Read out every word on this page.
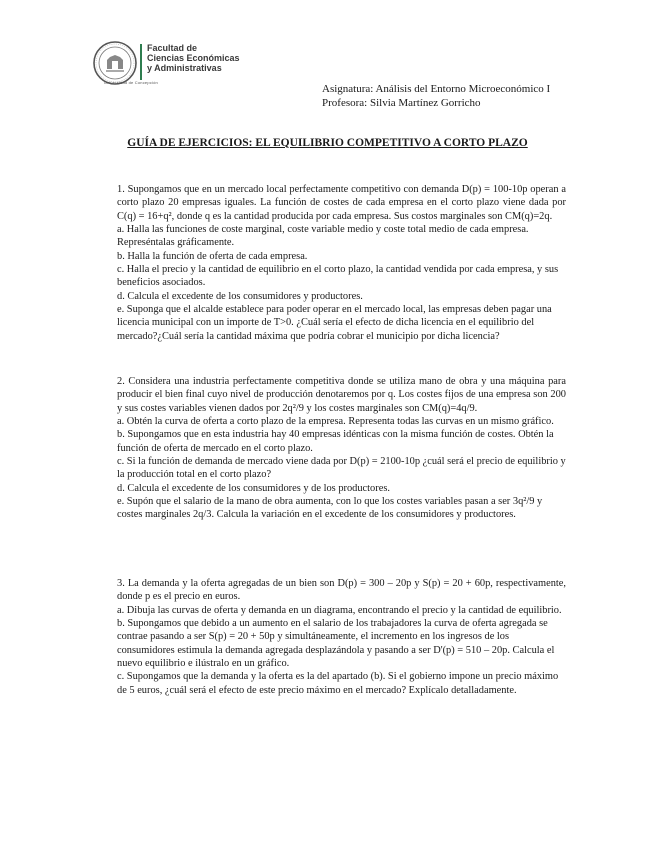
Facultad de
Ciencias Económicas
y Administrativas
Universidad de Concepción
Asignatura: Análisis del Entorno Microeconómico I
Profesora: Silvia Martínez Gorricho
GUÍA DE EJERCICIOS: EL EQUILIBRIO COMPETITIVO A CORTO PLAZO

1. Supongamos que en un mercado local perfectamente competitivo con demanda D(p) = 100-10p operan a corto plazo 20 empresas iguales. La función de costes de cada empresa en el corto plazo viene dada por C(q) = 16+q², donde q es la cantidad producida por cada empresa. Sus costos marginales son CM(q)=2q.

a. Halla las funciones de coste marginal, coste variable medio y coste total medio de cada empresa. Represéntalas gráficamente.

b. Halla la función de oferta de cada empresa.

c. Halla el precio y la cantidad de equilibrio en el corto plazo, la cantidad vendida por cada empresa, y sus beneficios asociados.

d. Calcula el excedente de los consumidores y productores.

e. Suponga que el alcalde establece para poder operar en el mercado local, las empresas deben pagar una licencia municipal con un importe de T>0. ¿Cuál sería el efecto de dicha licencia en el equilibrio del mercado?¿Cuál sería la cantidad máxima que podría cobrar el municipio por dicha licencia?

2. Considera una industria perfectamente competitiva donde se utiliza mano de obra y una máquina para producir el bien final cuyo nivel de producción denotaremos por q. Los costes fijos de una empresa son 200 y sus costes variables vienen dados por 2q²/9 y los costes marginales son CM(q)=4q/9.

a. Obtén la curva de oferta a corto plazo de la empresa. Representa todas las curvas en un mismo gráfico.

b. Supongamos que en esta industria hay 40 empresas idénticas con la misma función de costes. Obtén la función de oferta de mercado en el corto plazo.

c. Si la función de demanda de mercado viene dada por D(p) = 2100-10p ¿cuál será el precio de equilibrio y la producción total en el corto plazo?

d. Calcula el excedente de los consumidores y de los productores.

e. Supón que el salario de la mano de obra aumenta, con lo que los costes variables pasan a ser 3q²/9 y costes marginales 2q/3. Calcula la variación en el excedente de los consumidores y productores.

3. La demanda y la oferta agregadas de un bien son D(p) = 300 – 20p y S(p) = 20 + 60p, respectivamente, donde p es el precio en euros.

a. Dibuja las curvas de oferta y demanda en un diagrama, encontrando el precio y la cantidad de equilibrio.

b. Supongamos que debido a un aumento en el salario de los trabajadores la curva de oferta agregada se contrae pasando a ser S(p) = 20 + 50p y simultáneamente, el incremento en los ingresos de los consumidores estimula la demanda agregada desplazándola y pasando a ser D'(p) = 510 – 20p. Calcula el nuevo equilibrio e ilústralo en un gráfico.

c. Supongamos que la demanda y la oferta es la del apartado (b). Si el gobierno impone un precio máximo de 5 euros, ¿cuál será el efecto de este precio máximo en el mercado? Explícalo detalladamente.
